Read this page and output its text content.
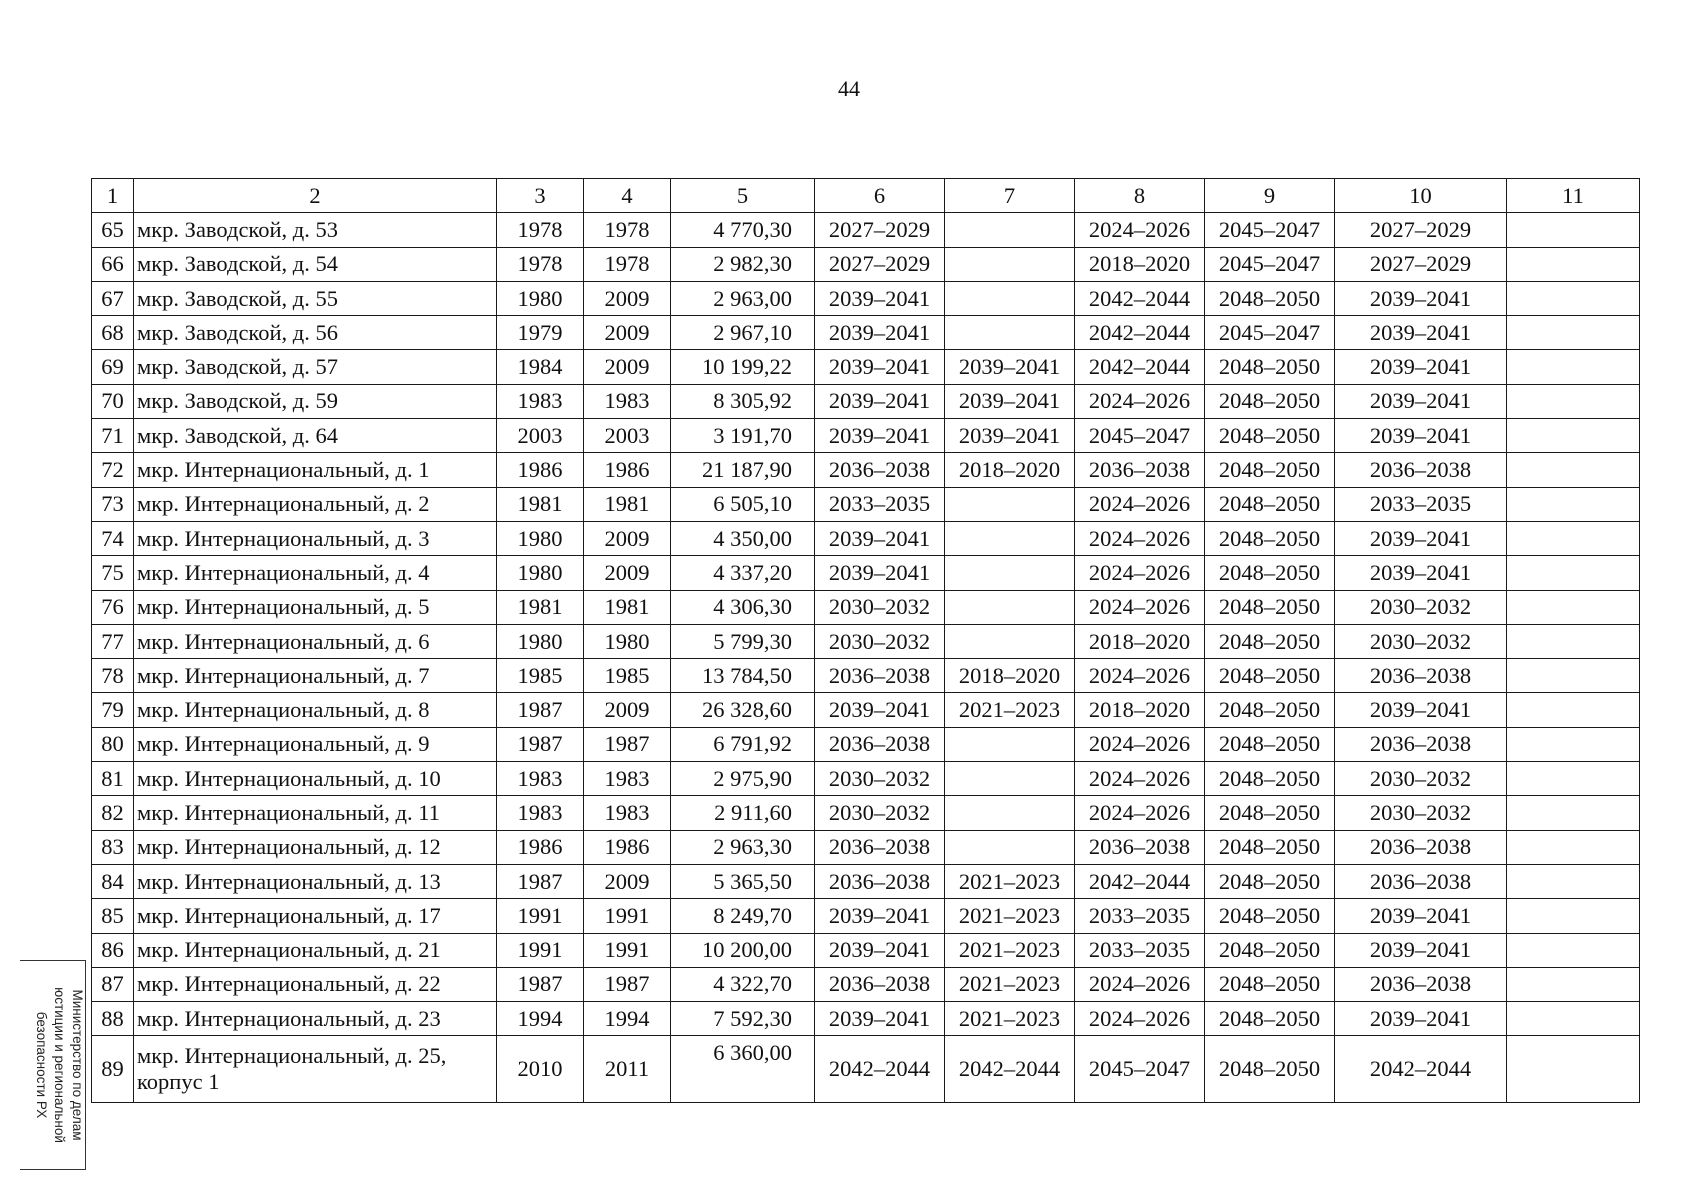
44
1	2	3	4	5	6	7	8	9	10	11
65	мкр. Заводской, д. 53	1978	1978	4 770,30	2027–2029		2024–2026	2045–2047	2027–2029	
66	мкр. Заводской, д. 54	1978	1978	2 982,30	2027–2029		2018–2020	2045–2047	2027–2029	
67	мкр. Заводской, д. 55	1980	2009	2 963,00	2039–2041		2042–2044	2048–2050	2039–2041	
68	мкр. Заводской, д. 56	1979	2009	2 967,10	2039–2041		2042–2044	2045–2047	2039–2041	
69	мкр. Заводской, д. 57	1984	2009	10 199,22	2039–2041	2039–2041	2042–2044	2048–2050	2039–2041	
70	мкр. Заводской, д. 59	1983	1983	8 305,92	2039–2041	2039–2041	2024–2026	2048–2050	2039–2041	
71	мкр. Заводской, д. 64	2003	2003	3 191,70	2039–2041	2039–2041	2045–2047	2048–2050	2039–2041	
72	мкр. Интернациональный, д. 1	1986	1986	21 187,90	2036–2038	2018–2020	2036–2038	2048–2050	2036–2038	
73	мкр. Интернациональный, д. 2	1981	1981	6 505,10	2033–2035		2024–2026	2048–2050	2033–2035	
74	мкр. Интернациональный, д. 3	1980	2009	4 350,00	2039–2041		2024–2026	2048–2050	2039–2041	
75	мкр. Интернациональный, д. 4	1980	2009	4 337,20	2039–2041		2024–2026	2048–2050	2039–2041	
76	мкр. Интернациональный, д. 5	1981	1981	4 306,30	2030–2032		2024–2026	2048–2050	2030–2032	
77	мкр. Интернациональный, д. 6	1980	1980	5 799,30	2030–2032		2018–2020	2048–2050	2030–2032	
78	мкр. Интернациональный, д. 7	1985	1985	13 784,50	2036–2038	2018–2020	2024–2026	2048–2050	2036–2038	
79	мкр. Интернациональный, д. 8	1987	2009	26 328,60	2039–2041	2021–2023	2018–2020	2048–2050	2039–2041	
80	мкр. Интернациональный, д. 9	1987	1987	6 791,92	2036–2038		2024–2026	2048–2050	2036–2038	
81	мкр. Интернациональный, д. 10	1983	1983	2 975,90	2030–2032		2024–2026	2048–2050	2030–2032	
82	мкр. Интернациональный, д. 11	1983	1983	2 911,60	2030–2032		2024–2026	2048–2050	2030–2032	
83	мкр. Интернациональный, д. 12	1986	1986	2 963,30	2036–2038		2036–2038	2048–2050	2036–2038	
84	мкр. Интернациональный, д. 13	1987	2009	5 365,50	2036–2038	2021–2023	2042–2044	2048–2050	2036–2038	
85	мкр. Интернациональный, д. 17	1991	1991	8 249,70	2039–2041	2021–2023	2033–2035	2048–2050	2039–2041	
86	мкр. Интернациональный, д. 21	1991	1991	10 200,00	2039–2041	2021–2023	2033–2035	2048–2050	2039–2041	
87	мкр. Интернациональный, д. 22	1987	1987	4 322,70	2036–2038	2021–2023	2024–2026	2048–2050	2036–2038	
88	мкр. Интернациональный, д. 23	1994	1994	7 592,30	2039–2041	2021–2023	2024–2026	2048–2050	2039–2041	
89	мкр. Интернациональный, д. 25, корпус 1	2010	2011	6 360,00	2042–2044	2042–2044	2045–2047	2048–2050	2042–2044	
Министерство по делам
юстиции и региональной
безопасности РХ
